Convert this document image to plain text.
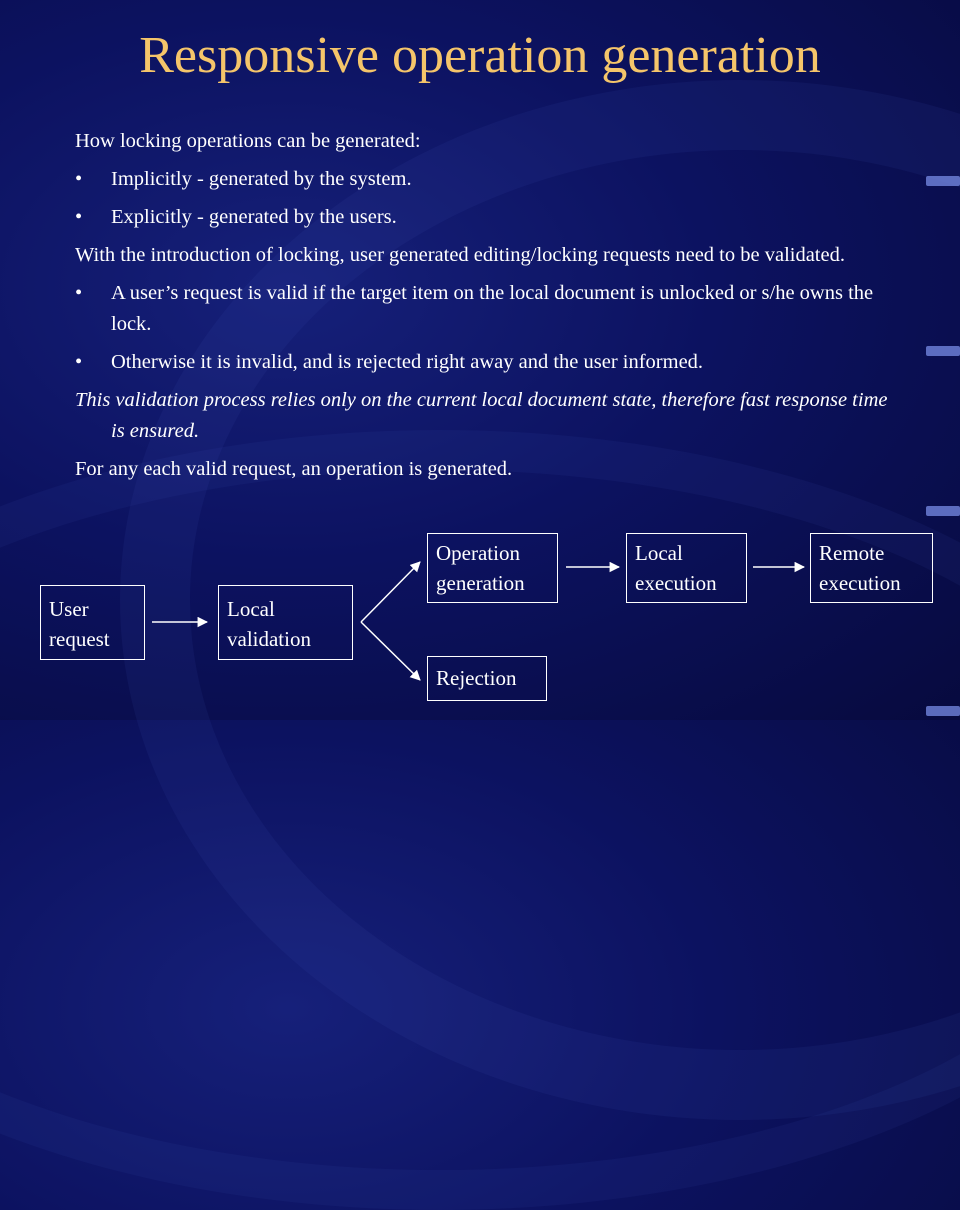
Responsive operation generation
How locking operations can be generated:
• Implicitly - generated by the system.
• Explicitly - generated by the users.
With the introduction of locking, user generated editing/locking requests need to be validated.
• A user’s request is valid if the target item on the local document is unlocked or s/he owns the lock.
• Otherwise it is invalid, and is rejected right away and the user informed.
This validation process relies only on the current local document state, therefore fast response time is ensured.
For any each valid request, an operation is generated.
User request
Local validation
Operation generation
Rejection
Local execution
Remote execution
